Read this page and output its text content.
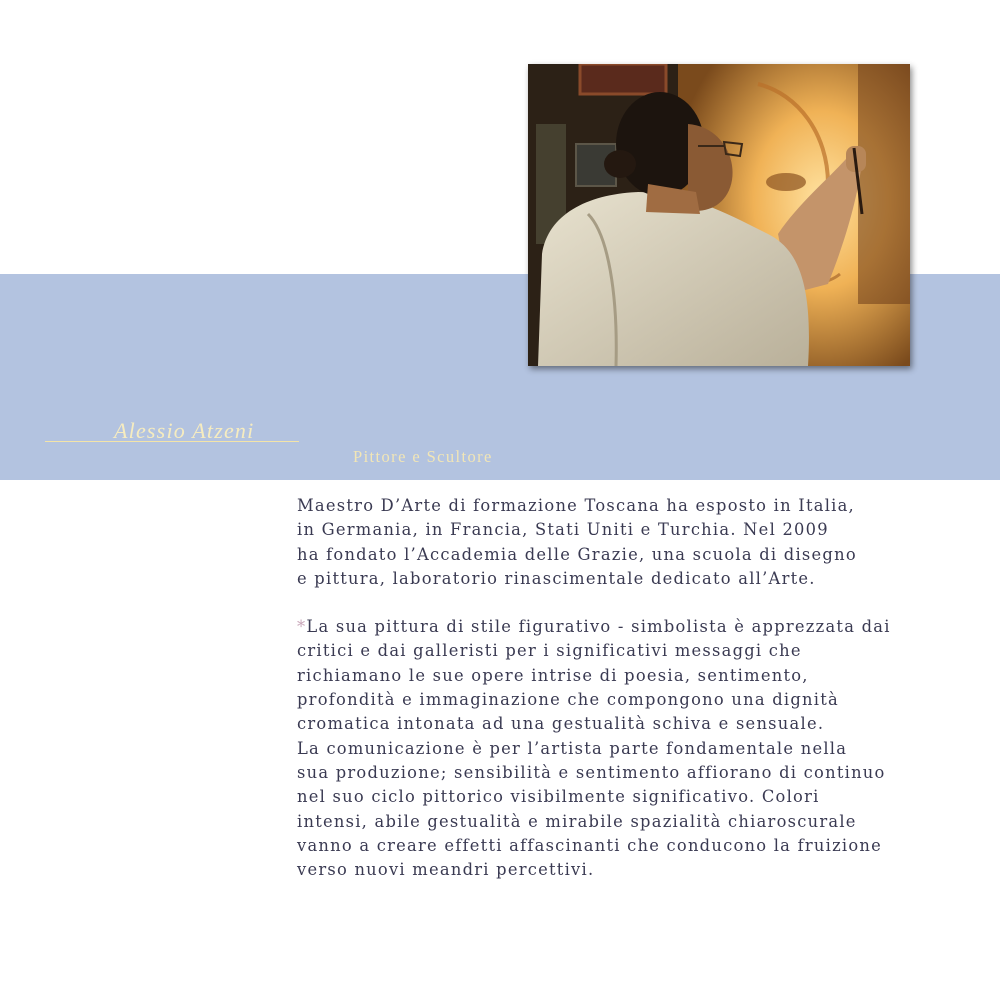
Alessio Atzeni
Pittore e Scultore
Maestro D’Arte di formazione Toscana ha esposto in Italia,
in Germania, in Francia, Stati Uniti e Turchia. Nel 2009
ha fondato l’Accademia delle Grazie, una scuola di disegno
e pittura, laboratorio rinascimentale dedicato all’Arte.
*La sua pittura di stile figurativo - simbolista è apprezzata dai
critici e dai galleristi per i significativi messaggi che
richiamano le sue opere intrise di poesia, sentimento,
profondità e immaginazione che compongono una dignità
cromatica intonata ad una gestualità schiva e sensuale.
La comunicazione è per l’artista parte fondamentale nella
sua produzione; sensibilità e sentimento affiorano di continuo
nel suo ciclo pittorico visibilmente significativo. Colori
intensi, abile gestualità e mirabile spazialità chiaroscurale
vanno a creare effetti affascinanti che conducono la fruizione
verso nuovi meandri percettivi.
